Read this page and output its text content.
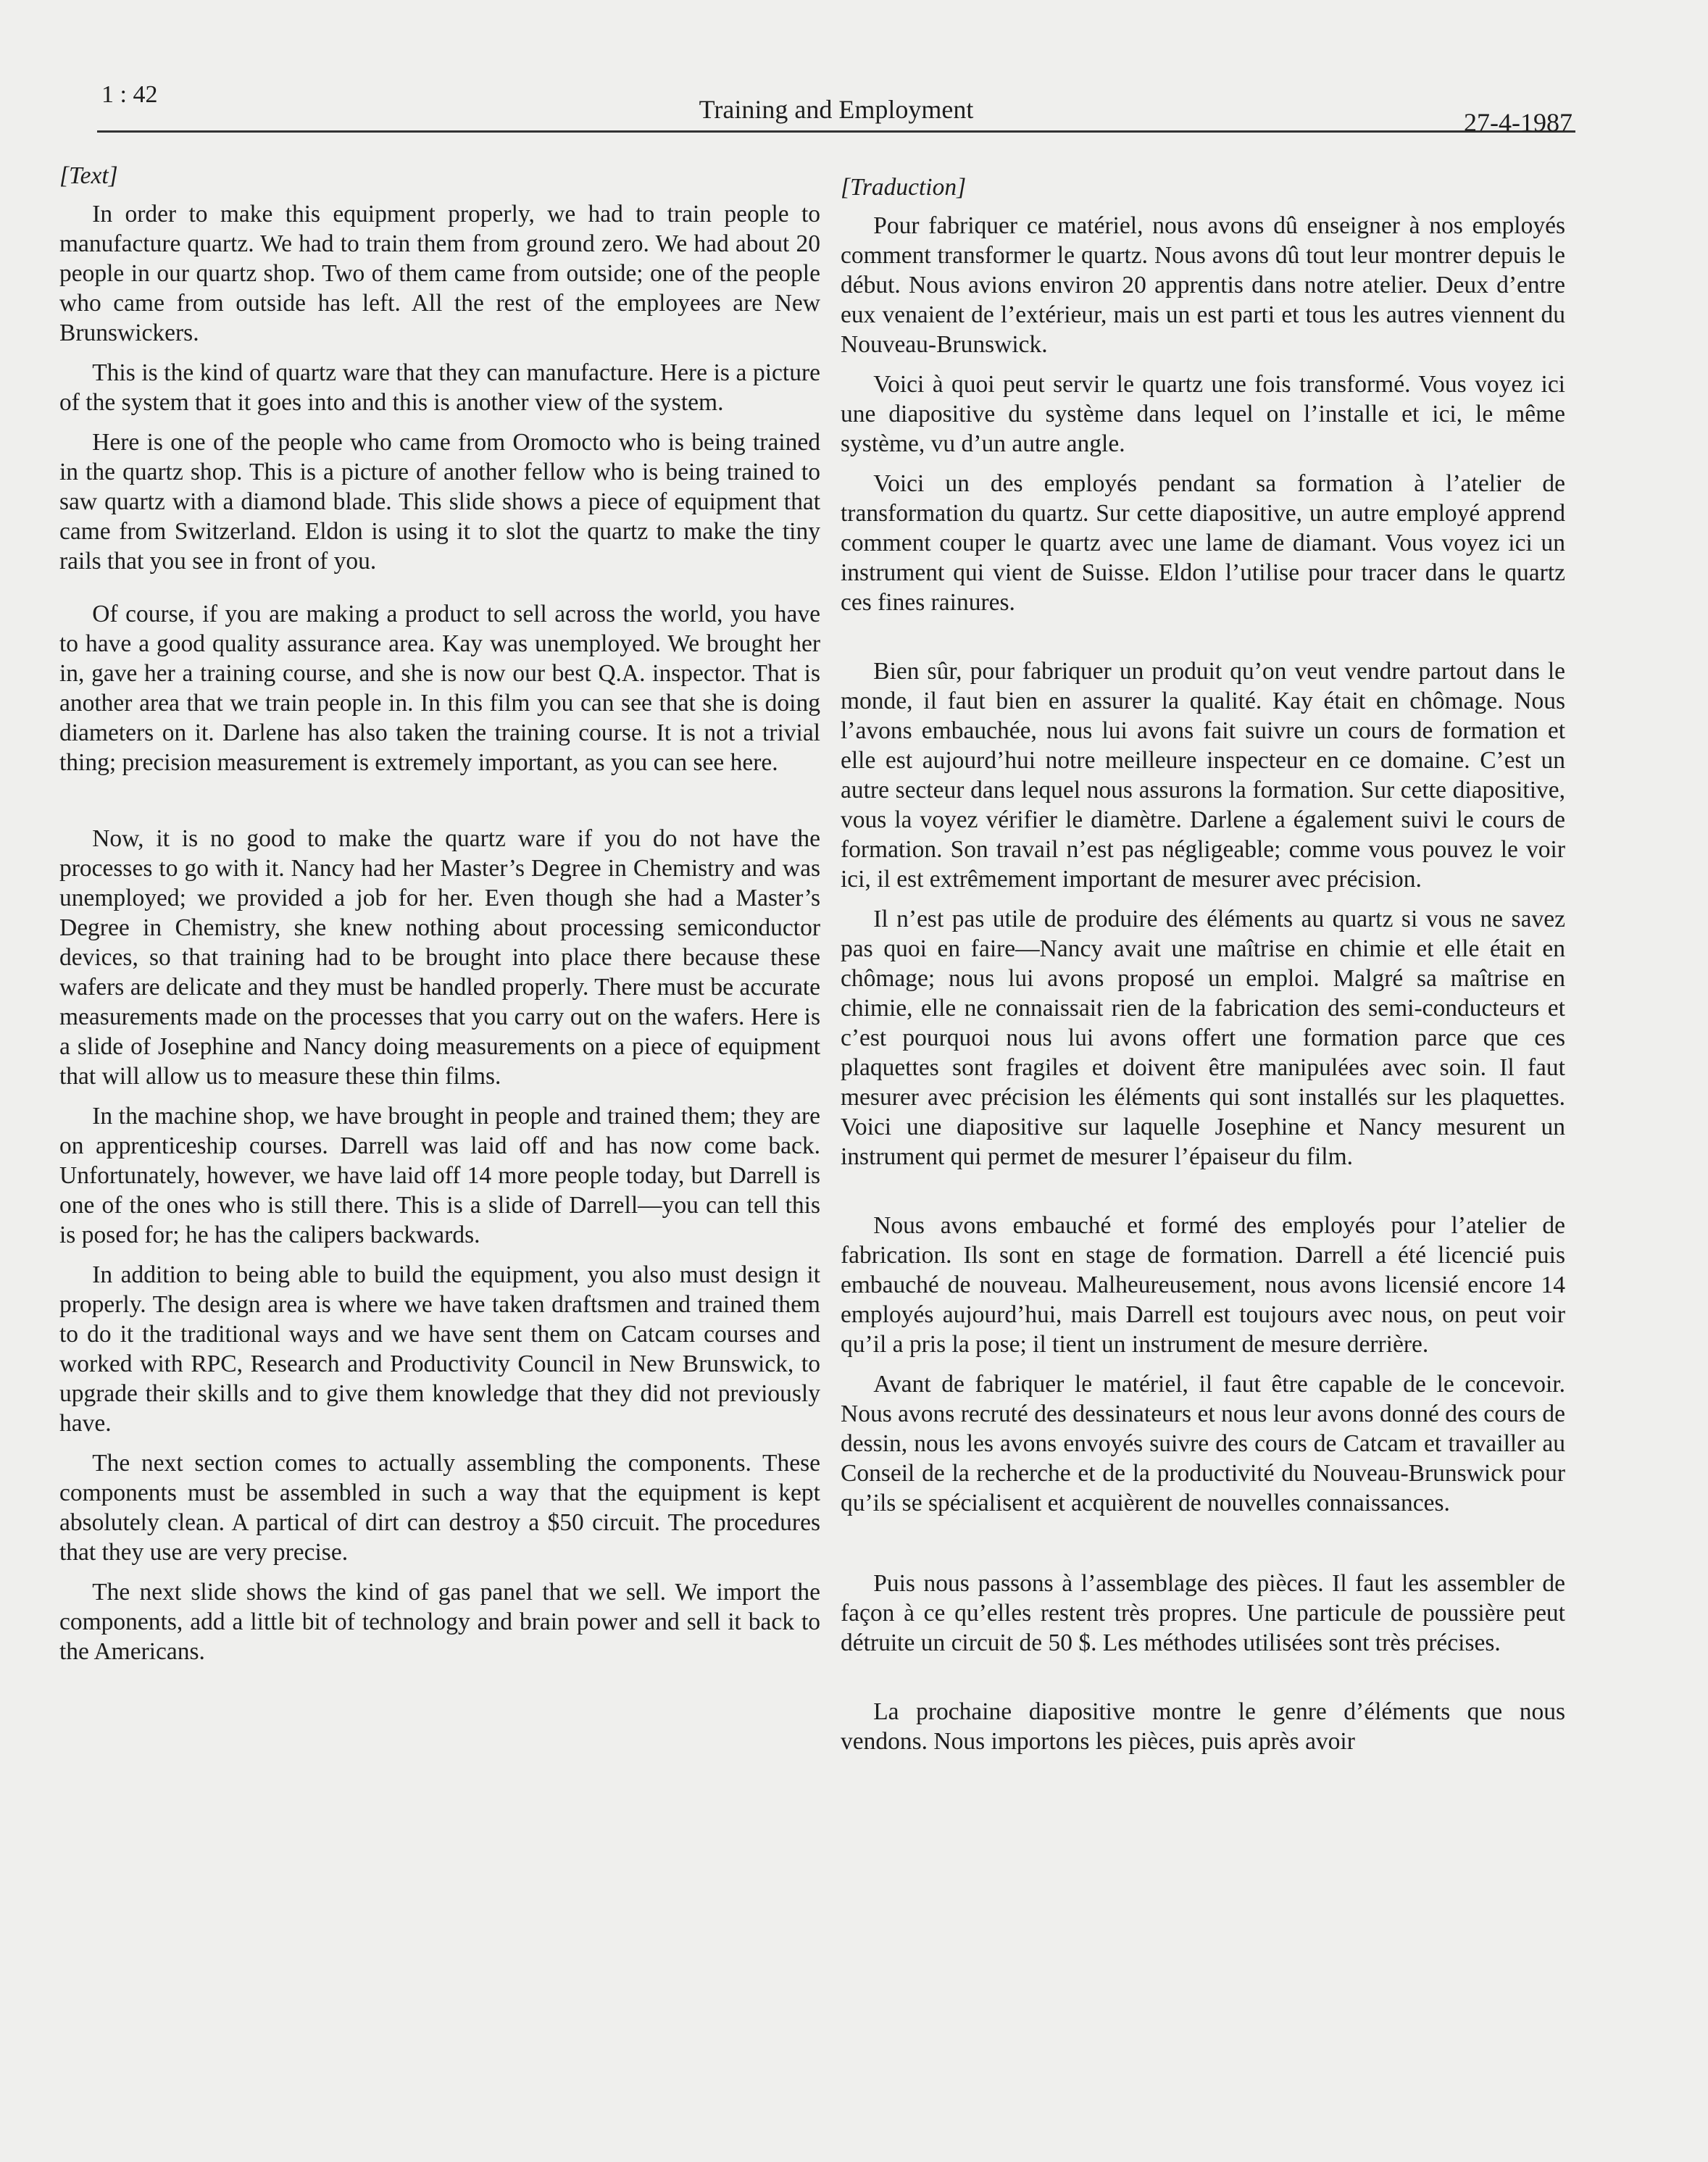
1 : 42
Training and Employment	27-4-1987
[Text]

In order to make this equipment properly, we had to train people to manufacture quartz. We had to train them from ground zero. We had about 20 people in our quartz shop. Two of them came from outside; one of the people who came from outside has left. All the rest of the employees are New Brunswickers.

This is the kind of quartz ware that they can manufacture. Here is a picture of the system that it goes into and this is another view of the system.

Here is one of the people who came from Oromocto who is being trained in the quartz shop. This is a picture of another fellow who is being trained to saw quartz with a diamond blade. This slide shows a piece of equipment that came from Switzerland. Eldon is using it to slot the quartz to make the tiny rails that you see in front of you.

Of course, if you are making a product to sell across the world, you have to have a good quality assurance area. Kay was unemployed. We brought her in, gave her a training course, and she is now our best Q.A. inspector. That is another area that we train people in. In this film you can see that she is doing diameters on it. Darlene has also taken the training course. It is not a trivial thing; precision measurement is extremely important, as you can see here.

Now, it is no good to make the quartz ware if you do not have the processes to go with it. Nancy had her Master’s Degree in Chemistry and was unemployed; we provided a job for her. Even though she had a Master’s Degree in Chemistry, she knew nothing about processing semiconductor devices, so that training had to be brought into place there because these wafers are delicate and they must be handled properly. There must be accurate measurements made on the processes that you carry out on the wafers. Here is a slide of Josephine and Nancy doing measurements on a piece of equipment that will allow us to measure these thin films.

In the machine shop, we have brought in people and trained them; they are on apprenticeship courses. Darrell was laid off and has now come back. Unfortunately, however, we have laid off 14 more people today, but Darrell is one of the ones who is still there. This is a slide of Darrell—you can tell this is posed for; he has the calipers backwards.

In addition to being able to build the equipment, you also must design it properly. The design area is where we have taken draftsmen and trained them to do it the traditional ways and we have sent them on Catcam courses and worked with RPC, Research and Productivity Council in New Brunswick, to upgrade their skills and to give them knowledge that they did not previously have.

The next section comes to actually assembling the components. These components must be assembled in such a way that the equipment is kept absolutely clean. A partical of dirt can destroy a $50 circuit. The procedures that they use are very precise.

The next slide shows the kind of gas panel that we sell. We import the components, add a little bit of technology and brain power and sell it back to the Americans.

[Traduction]

Pour fabriquer ce matériel, nous avons dû enseigner à nos employés comment transformer le quartz. Nous avons dû tout leur montrer depuis le début. Nous avions environ 20 apprentis dans notre atelier. Deux d’entre eux venaient de l’extérieur, mais un est parti et tous les autres viennent du Nouveau-Brunswick.

Voici à quoi peut servir le quartz une fois transformé. Vous voyez ici une diapositive du système dans lequel on l’installe et ici, le même système, vu d’un autre angle.

Voici un des employés pendant sa formation à l’atelier de transformation du quartz. Sur cette diapositive, un autre employé apprend comment couper le quartz avec une lame de diamant. Vous voyez ici un instrument qui vient de Suisse. Eldon l’utilise pour tracer dans le quartz ces fines rainures.

Bien sûr, pour fabriquer un produit qu’on veut vendre partout dans le monde, il faut bien en assurer la qualité. Kay était en chômage. Nous l’avons embauchée, nous lui avons fait suivre un cours de formation et elle est aujourd’hui notre meilleure inspecteur en ce domaine. C’est un autre secteur dans lequel nous assurons la formation. Sur cette diapositive, vous la voyez vérifier le diamètre. Darlene a également suivi le cours de formation. Son travail n’est pas négligeable; comme vous pouvez le voir ici, il est extrêmement important de mesurer avec précision.

Il n’est pas utile de produire des éléments au quartz si vous ne savez pas quoi en faire—Nancy avait une maîtrise en chimie et elle était en chômage; nous lui avons proposé un emploi. Malgré sa maîtrise en chimie, elle ne connaissait rien de la fabrication des semi-conducteurs et c’est pourquoi nous lui avons offert une formation parce que ces plaquettes sont fragiles et doivent être manipulées avec soin. Il faut mesurer avec précision les éléments qui sont installés sur les plaquettes. Voici une diapositive sur laquelle Josephine et Nancy mesurent un instrument qui permet de mesurer l’épaiseur du film.

Nous avons embauché et formé des employés pour l’atelier de fabrication. Ils sont en stage de formation. Darrell a été licencié puis embauché de nouveau. Malheureusement, nous avons licensié encore 14 employés aujourd’hui, mais Darrell est toujours avec nous, on peut voir qu’il a pris la pose; il tient un instrument de mesure derrière.

Avant de fabriquer le matériel, il faut être capable de le concevoir. Nous avons recruté des dessinateurs et nous leur avons donné des cours de dessin, nous les avons envoyés suivre des cours de Catcam et travailler au Conseil de la recherche et de la productivité du Nouveau-Brunswick pour qu’ils se spécialisent et acquièrent de nouvelles connaissances.

Puis nous passons à l’assemblage des pièces. Il faut les assembler de façon à ce qu’elles restent très propres. Une particule de poussière peut détruite un circuit de 50 $. Les méthodes utilisées sont très précises.

La prochaine diapositive montre le genre d’éléments que nous vendons. Nous importons les pièces, puis après avoir
